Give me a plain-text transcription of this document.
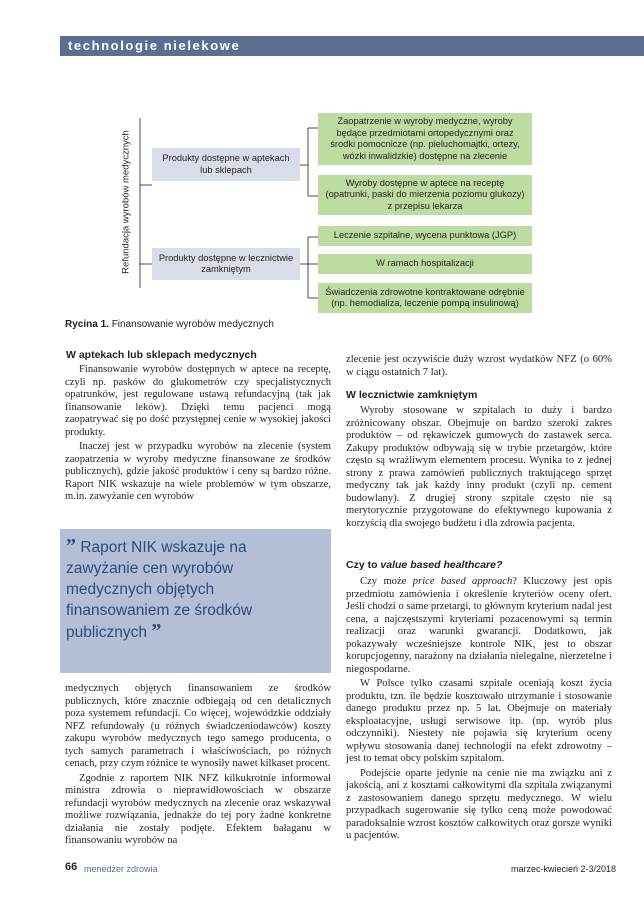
technologie nielekowe
Refundacja wyrobów medycznych	Produkty dostępne w aptekach lub sklepach
Produkty dostępne w lecznictwie zamkniętym
Zaopatrzenie w wyroby medyczne, wyroby będące przedmiotami ortopedycznymi oraz środki pomocnicze (np. pieluchomajtki, ortezy, wózki inwalidzkie) dostępne na zlecenie
Wyroby dostępne w aptece na receptę (opatrunki, paski do mierzenia poziomu glukozy) z przepisu lekarza
Leczenie szpitalne, wycena punktowa (JGP)
W ramach hospitalizacji
Świadczenia zdrowotne kontraktowane odrębnie (np. hemodializa, leczenie pompą insulinową)
Rycina 1. Finansowanie wyrobów medycznych
W aptekach lub sklepach medycznych

Finansowanie wyrobów dostępnych w aptece na receptę, czyli np. pasków do glukometrów czy specjalistycznych opatrunków, jest regulowane ustawą refundacyjną (tak jak finansowanie leków). Dzięki temu pacjenci mogą zaopatrywać się po dość przystępnej cenie w wysokiej jakości produkty.

Inaczej jest w przypadku wyrobów na zlecenie (system zaopatrzenia w wyroby medyczne finansowane ze środków publicznych), gdzie jakość produktów i ceny są bardzo różne. Raport NIK wskazuje na wiele problemów w tym obszarze, m.in. zawyżanie cen wyrobów

” Raport NIK wskazuje na zawyżanie cen wyrobów medycznych objętych finansowaniem ze środków publicznych ”

medycznych objętych finansowaniem ze środków publicznych, które znacznie odbiegają od cen detalicznych poza systemem refundacji. Co więcej, wojewódzkie oddziały NFZ refundowały (u różnych świadczeniodawców) koszty zakupu wyrobów medycznych tego samego producenta, o tych samych parametrach i właściwościach, po różnych cenach, przy czym różnice te wynosiły nawet kilkaset procent.

Zgodnie z raportem NIK NFZ kilkukrotnie informował ministra zdrowia o nieprawidłowościach w obszarze refundacji wyrobów medycznych na zlecenie oraz wskazywał możliwe rozwiązania, jednakże do tej pory żadne konkretne działania nie zostały podjęte. Efektem bałaganu w finansowaniu wyrobów na

zlecenie jest oczywiście duży wzrost wydatków NFZ (o 60% w ciągu ostatnich 7 lat).

W lecznictwie zamkniętym

Wyroby stosowane w szpitalach to duży i bardzo zróżnicowany obszar. Obejmuje on bardzo szeroki zakres produktów – od rękawiczek gumowych do zastawek serca. Zakupy produktów odbywają się w trybie przetargów, które często są wrażliwym elementem procesu. Wynika to z jednej strony z prawa zamówień publicznych traktującego sprzęt medyczny tak jak każdy inny produkt (czyli np. cement budowlany). Z drugiej strony szpitale często nie są merytorycznie przygotowane do efektywnego kupowania z korzyścią dla swojego budżetu i dla zdrowia pacjenta.

Czy to value based healthcare?

Czy może price based approach? Kluczowy jest opis przedmiotu zamówienia i określenie kryteriów oceny ofert. Jeśli chodzi o same przetargi, to głównym kryterium nadal jest cena, a najczęstszymi kryteriami pozacenowymi są termin realizacji oraz warunki gwarancji. Dodatkowo, jak pokazywały wcześniejsze kontrole NIK, jest to obszar korupcjogenny, narażony na działania nielegalne, nierzetelne i niegospodarne.

W Polsce tylko czasami szpitale oceniają koszt życia produktu, tzn. ile będzie kosztowało utrzymanie i stosowanie danego produktu przez np. 5 lat. Obejmuje on materiały eksploatacyjne, usługi serwisowe itp. (np. wyrób plus odczynniki). Niestety nie pojawia się kryterium oceny wpływu stosowania danej technologii na efekt zdrowotny – jest to temat obcy polskim szpitalom.

Podejście oparte jedynie na cenie nie ma związku ani z jakością, ani z kosztami całkowitymi dla szpitala związanymi z zastosowaniem danego sprzętu medycznego. W wielu przypadkach sugerowanie się tylko ceną może powodować paradoksalnie wzrost kosztów całkowitych oraz gorsze wyniki u pacjentów.

66 menedżer zdrowia	marzec-kwiecień 2-3/2018
